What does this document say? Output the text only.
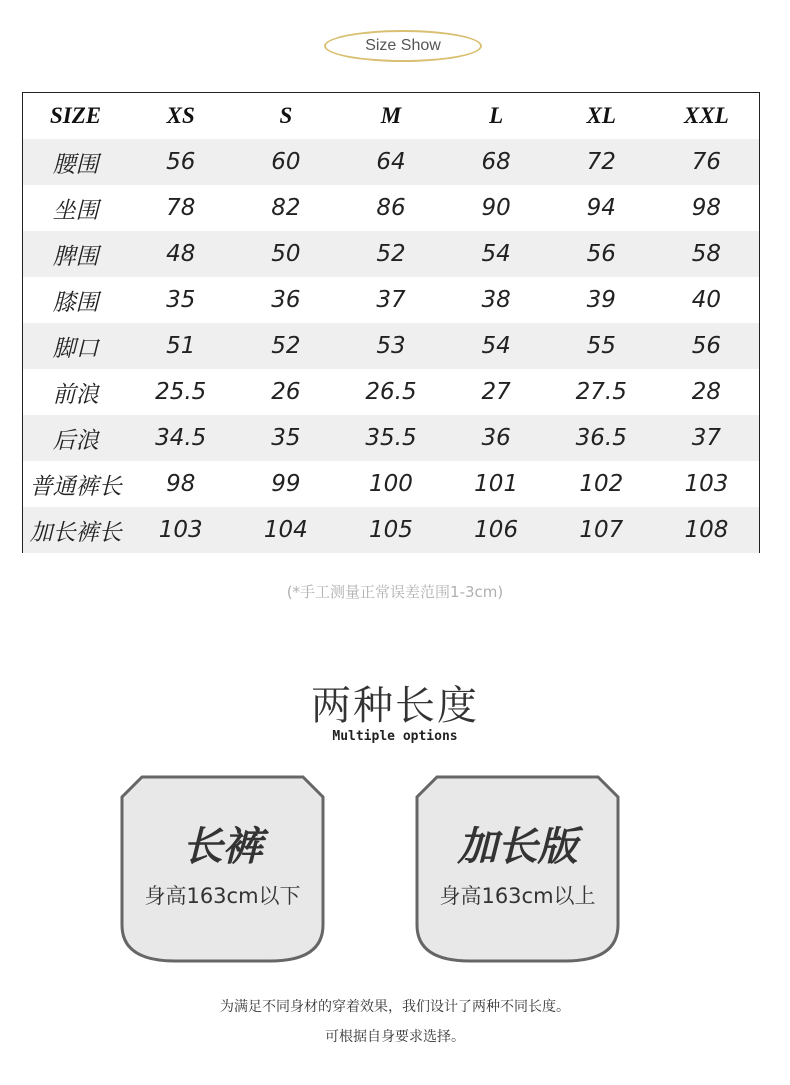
Size Show
SIZE	XS	S	M	L	XL	XXL
腰围	56	60	64	68	72	76
坐围	78	82	86	90	94	98
脾围	48	50	52	54	56	58
膝围	35	36	37	38	39	40
脚口	51	52	53	54	55	56
前浪	25.5	26	26.5	27	27.5	28
后浪	34.5	35	35.5	36	36.5	37
普通裤长	98	99	100	101	102	103
加长裤长	103	104	105	106	107	108
(*手工测量正常误差范围1-3cm)
两种长度
Multiple options
长裤
身高163cm以下
加长版
身高163cm以上
为满足不同身材的穿着效果，我们设计了两种不同长度。
可根据自身要求选择。
